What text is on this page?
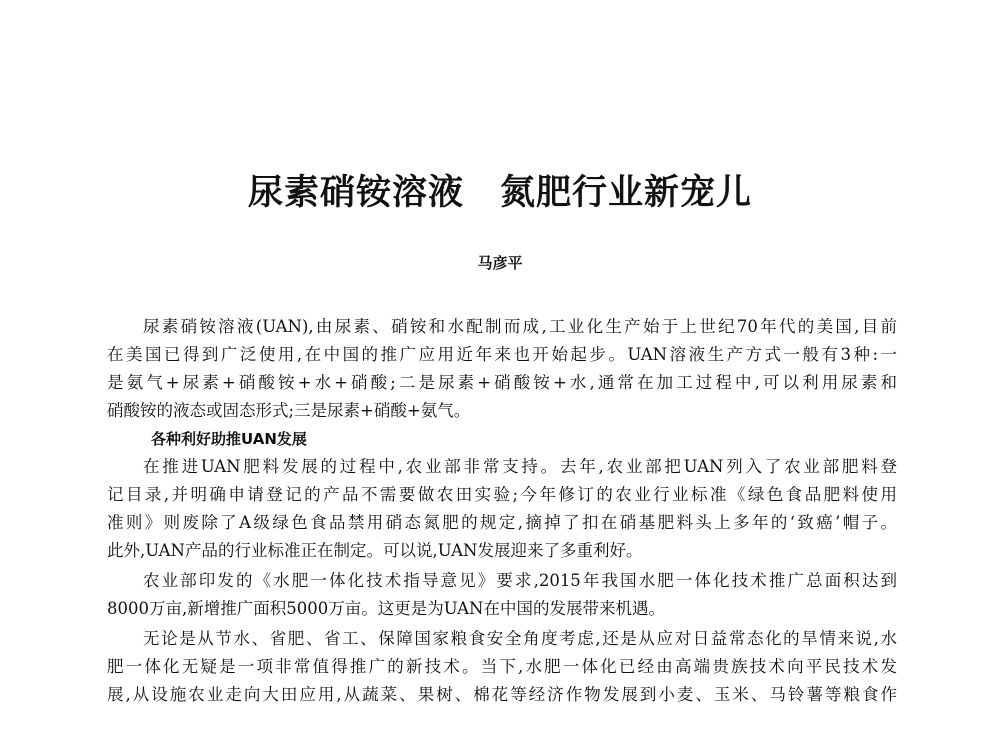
尿素硝铵溶液 氮肥行业新宠儿
马彦平
尿素硝铵溶液(UAN),由尿素、硝铵和水配制而成,工业化生产始于上世纪70年代的美国,目前
在美国已得到广泛使用,在中国的推广应用近年来也开始起步。UAN溶液生产方式一般有3种:一
是氨气+尿素+硝酸铵+水+硝酸;二是尿素+硝酸铵+水,通常在加工过程中,可以利用尿素和
硝酸铵的液态或固态形式;三是尿素+硝酸+氨气。
各种利好助推UAN发展
在推进UAN肥料发展的过程中,农业部非常支持。去年,农业部把UAN列入了农业部肥料登
记目录,并明确申请登记的产品不需要做农田实验;今年修订的农业行业标准《绿色食品肥料使用
准则》则废除了A级绿色食品禁用硝态氮肥的规定,摘掉了扣在硝基肥料头上多年的‘致癌’帽子。
此外,UAN产品的行业标准正在制定。可以说,UAN发展迎来了多重利好。
农业部印发的《水肥一体化技术指导意见》要求,2015年我国水肥一体化技术推广总面积达到
8000万亩,新增推广面积5000万亩。这更是为UAN在中国的发展带来机遇。
无论是从节水、省肥、省工、保障国家粮食安全角度考虑,还是从应对日益常态化的旱情来说,水
肥一体化无疑是一项非常值得推广的新技术。当下,水肥一体化已经由高端贵族技术向平民技术发
展,从设施农业走向大田应用,从蔬菜、果树、棉花等经济作物发展到小麦、玉米、马铃薯等粮食作
